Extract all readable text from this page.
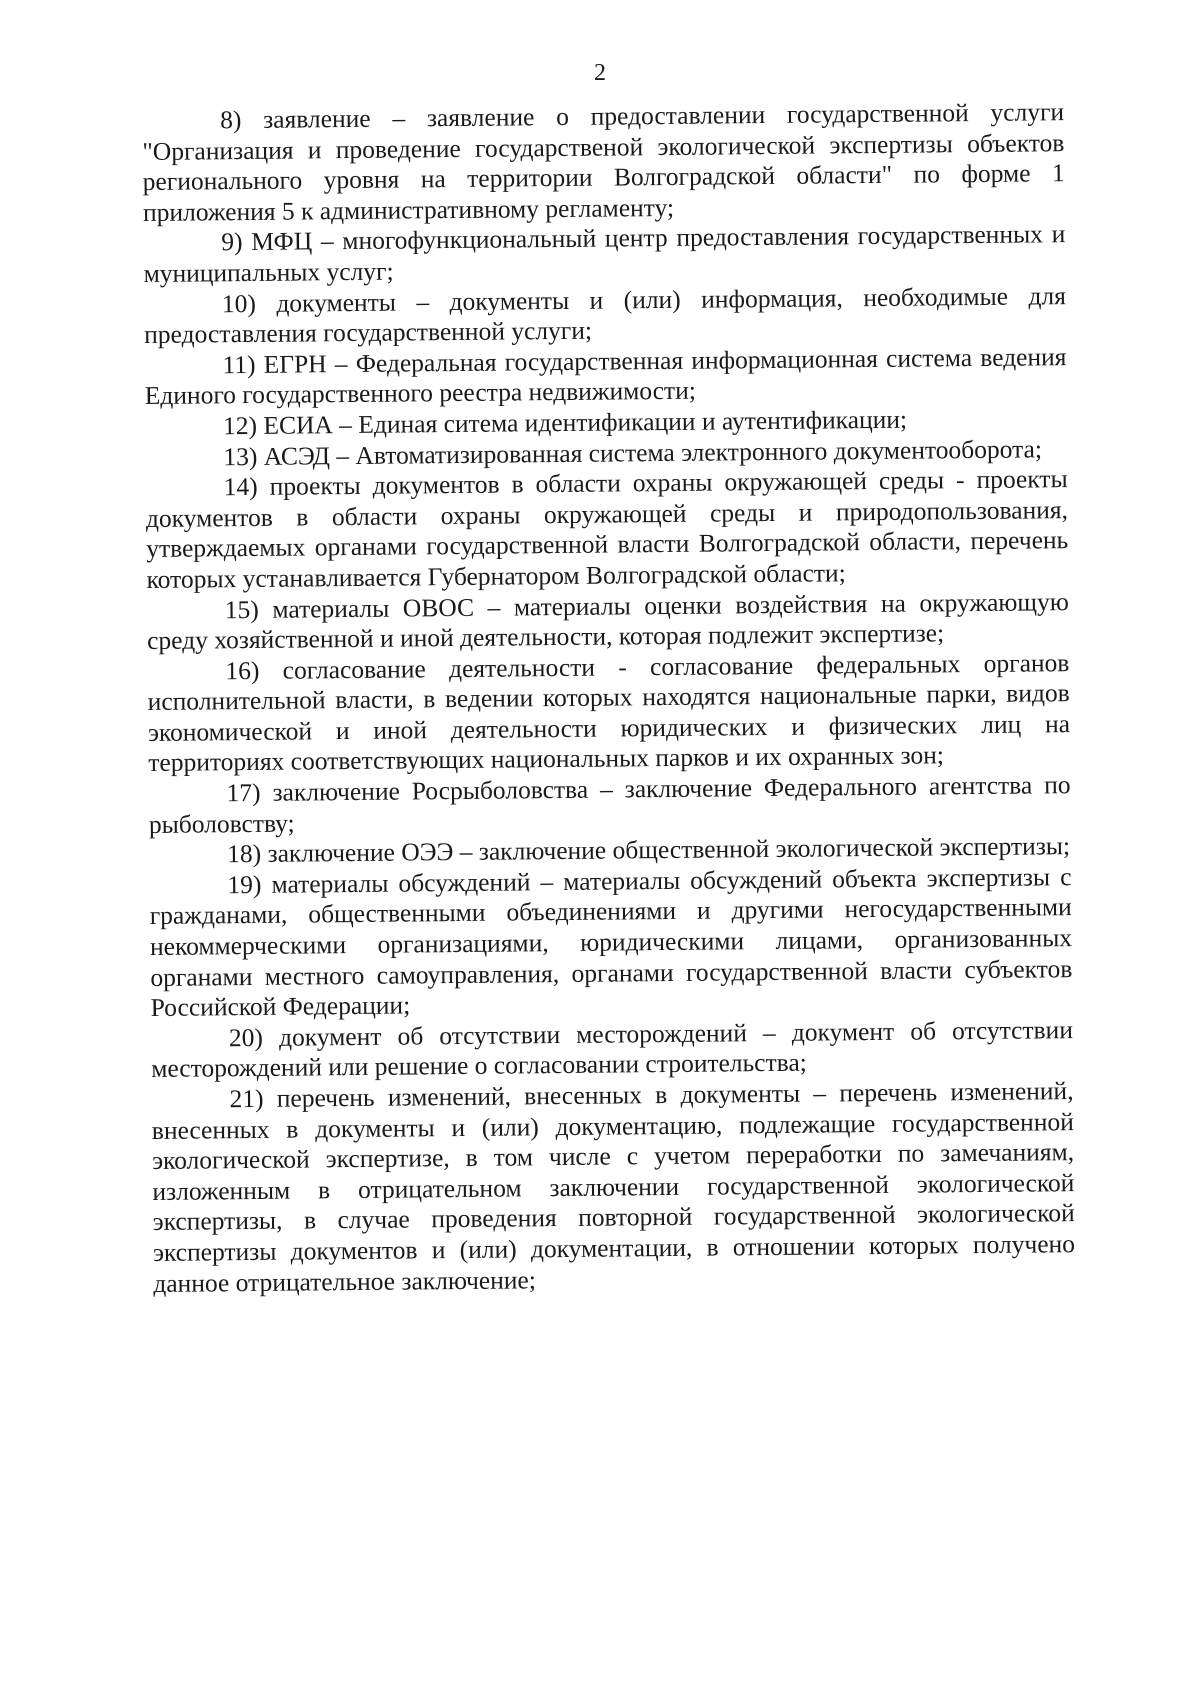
2

8) заявление – заявление о предоставлении государственной услуги "Организация и проведение государственой экологической экспертизы объектов регионального уровня на территории Волгоградской области" по форме 1 приложения 5 к административному регламенту;

9) МФЦ – многофункциональный центр предоставления государственных и муниципальных услуг;

10) документы – документы и (или) информация, необходимые для предоставления государственной услуги;

11) ЕГРН – Федеральная государственная информационная система ведения Единого государственного реестра недвижимости;

12) ЕСИА – Единая ситема идентификации и аутентификации;

13) АСЭД – Автоматизированная система электронного документооборота;

14) проекты документов в области охраны окружающей среды - проекты документов в области охраны окружающей среды и природопользования, утверждаемых органами государственной власти Волгоградской области, перечень которых устанавливается Губернатором Волгоградской области;

15) материалы ОВОС – материалы оценки воздействия на окружающую среду хозяйственной и иной деятельности, которая подлежит экспертизе;

16) согласование деятельности - согласование федеральных органов исполнительной власти, в ведении которых находятся национальные парки, видов экономической и иной деятельности юридических и физических лиц на территориях соответствующих национальных парков и их охранных зон;

17) заключение Росрыболовства – заключение Федерального агентства по рыболовству;

18) заключение ОЭЭ – заключение общественной экологической экспертизы;

19) материалы обсуждений – материалы обсуждений объекта экспертизы с гражданами, общественными объединениями и другими негосударственными некоммерческими организациями, юридическими лицами, организованных органами местного самоуправления, органами государственной власти субъектов Российской Федерации;

20) документ об отсутствии месторождений – документ об отсутствии месторождений или решение о согласовании строительства;

21) перечень изменений, внесенных в документы – перечень изменений, внесенных в документы и (или) документацию, подлежащие государственной экологической экспертизе, в том числе с учетом переработки по замечаниям, изложенным в отрицательном заключении государственной экологической экспертизы, в случае проведения повторной государственной экологической экспертизы документов и (или) документации, в отношении которых получено данное отрицательное заключение;
